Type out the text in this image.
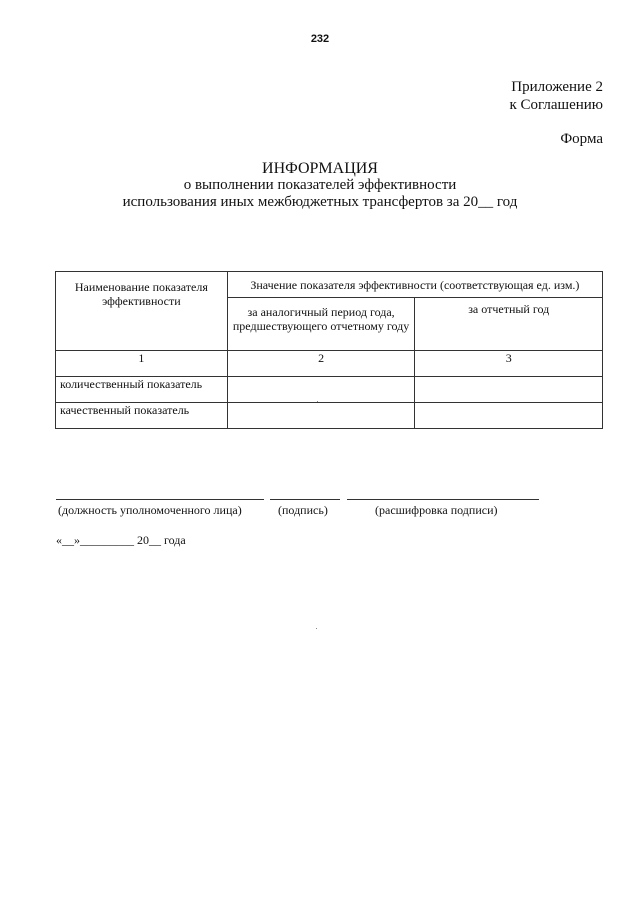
232
Приложение 2
к Соглашению
Форма
ИНФОРМАЦИЯ
о выполнении показателей эффективности
использования иных межбюджетных трансфертов за 20__ год
Наименование показателя эффективности	Значение показателя эффективности (соответствующая ед. изм.)	
	за аналогичный период года, предшествующего отчетному году	за отчетный год
1	2	3
количественный показатель		
качественный показатель		
(должность уполномоченного лица)	(подпись)	(расшифровка подписи)
«__»_________ 20__ года
